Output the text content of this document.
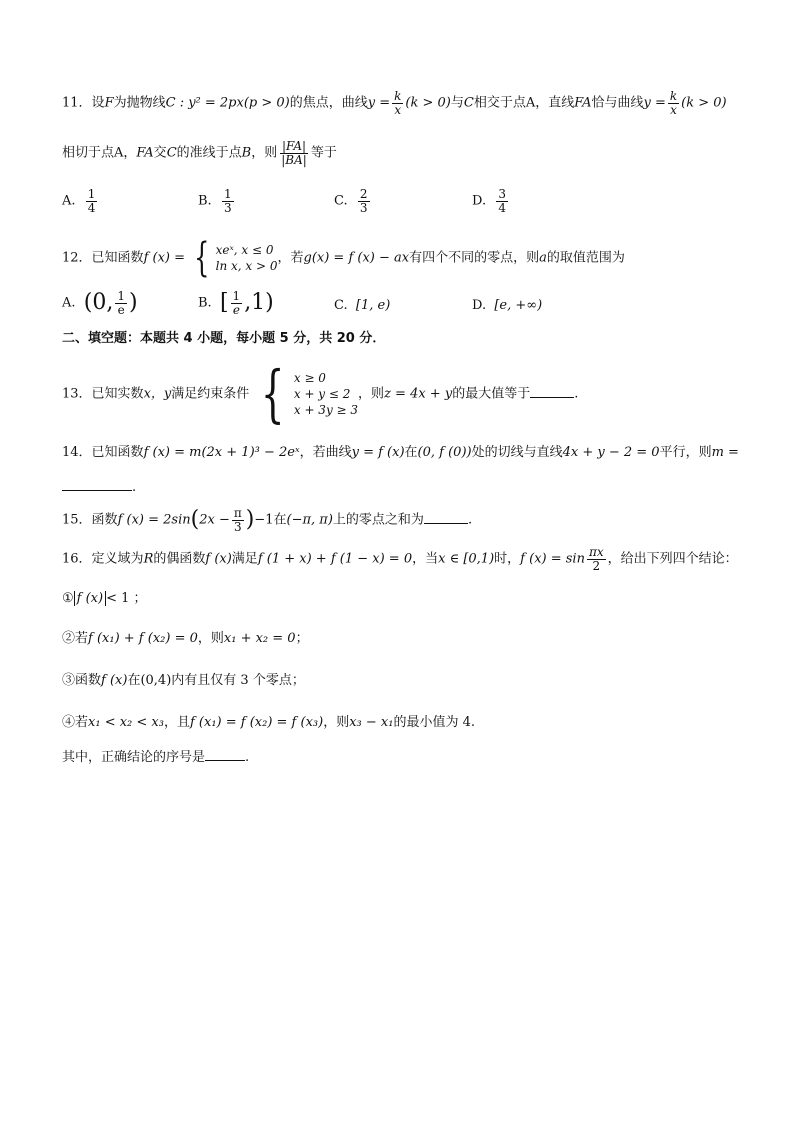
11．设F为抛物线C : y² = 2px(p > 0)的焦点，曲线$y = \frac{k}{x} (k > 0)$与C相交于点A，直线FA恰与曲线$y = \frac{k}{x} (k > 0)$
相切于点A，FA交C的准线于点B，则 $\frac{|FA|}{|BA|}$ 等于
A. $\frac{1}{4}$	B. $\frac{1}{3}$	C. $\frac{2}{3}$	D. $\frac{3}{4}$
12．已知函数f (x) = { xeˣ, x ≤ 0
ln x, x > 0
，若g(x) = f (x) − ax有四个不同的零点，则a的取值范围为
A. (0, $\frac{1}{e}$ )	B. [ $\frac{1}{e} ,1$)	C. [1, e)	D. [e, +∞)
二、填空题：本题共 4 小题，每小题 5 分，共 20 分．
13．已知实数x，y满足约束条件 { x ≥ 0
x + y ≤ 2
x + 3y ≥ 3
，则z = 4x + y的最大值等于	.
14．已知函数f (x) = m(2x + 1)³ − 2eˣ，若曲线y = f (x)在(0, f (0))处的切线与直线4x + y − 2 = 0平行，则m =
.
15．函数f $(x) = 2\sin(2x - \frac{\pi}{3} )-1$在(−π, π)上的零点之和为	.
16．定义域为R的偶函数f (x)满足f (1 + x) + f (1 − x) = 0，当x ∈ [0,1)时，f $(x) = \sin \frac{\pi x}{2}$ ，给出下列四个结论：
① f (x) < 1 ；
②若f (x₁) + f (x₂) = 0，则x₁ + x₂ = 0；
③函数f (x)在(0,4)内有且仅有 3 个零点；
④若x₁ < x₂ < x₃，且f (x₁) = f (x₂) = f (x₃)，则x₃ − x₁的最小值为 4.
其中，正确结论的序号是	.
